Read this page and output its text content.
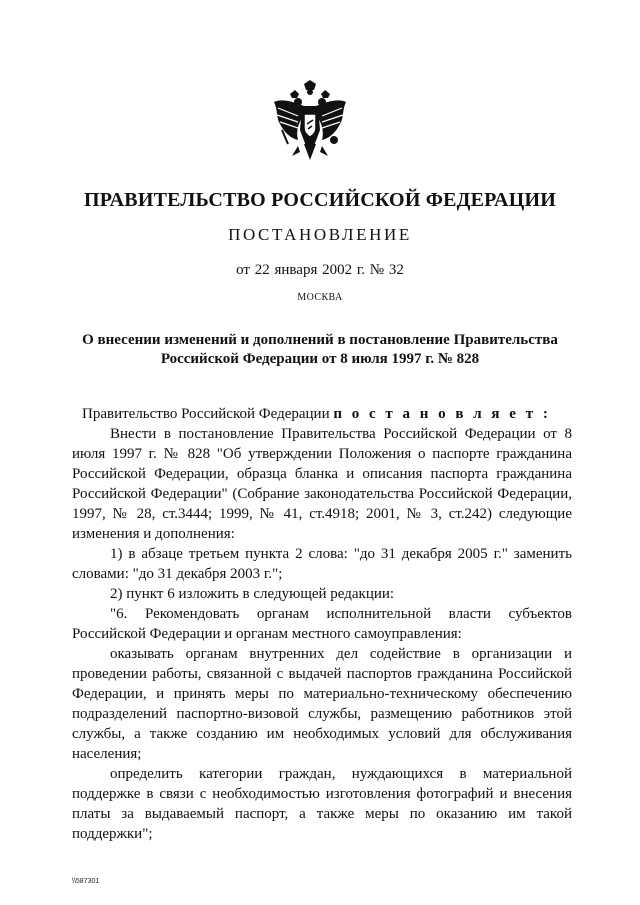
ПРАВИТЕЛЬСТВО РОССИЙСКОЙ ФЕДЕРАЦИИ
ПОСТАНОВЛЕНИЕ
от 22 января 2002 г. № 32
МОСКВА
О внесении изменений и дополнений в постановление Правительства
Российской Федерации от 8 июля 1997 г. № 828

Правительство Российской Федерации п о с т а н о в л я е т :

Внести в постановление Правительства Российской Федерации от 8 июля 1997 г. № 828 "Об утверждении Положения о паспорте гражданина Российской Федерации, образца бланка и описания паспорта гражданина Российской Федерации" (Собрание законодательства Российской Федерации, 1997, № 28, ст.3444; 1999, № 41, ст.4918; 2001, № 3, ст.242) следующие изменения и дополнения:

1) в абзаце третьем пункта 2 слова: "до 31 декабря 2005 г." заменить словами: "до 31 декабря 2003 г.";

2) пункт 6 изложить в следующей редакции:

"6. Рекомендовать органам исполнительной власти субъектов Российской Федерации и органам местного самоуправления:

оказывать органам внутренних дел содействие в организации и проведении работы, связанной с выдачей паспортов гражданина Российской Федерации, и принять меры по материально-техническому обеспечению подразделений паспортно-визовой службы, размещению работников этой службы, а также созданию им необходимых условий для обслуживания населения;

определить категории граждан, нуждающихся в материальной поддержке в связи с необходимостью изготовления фотографий и внесения платы за выдаваемый паспорт, а также меры по оказанию им такой поддержки";

\\587301
